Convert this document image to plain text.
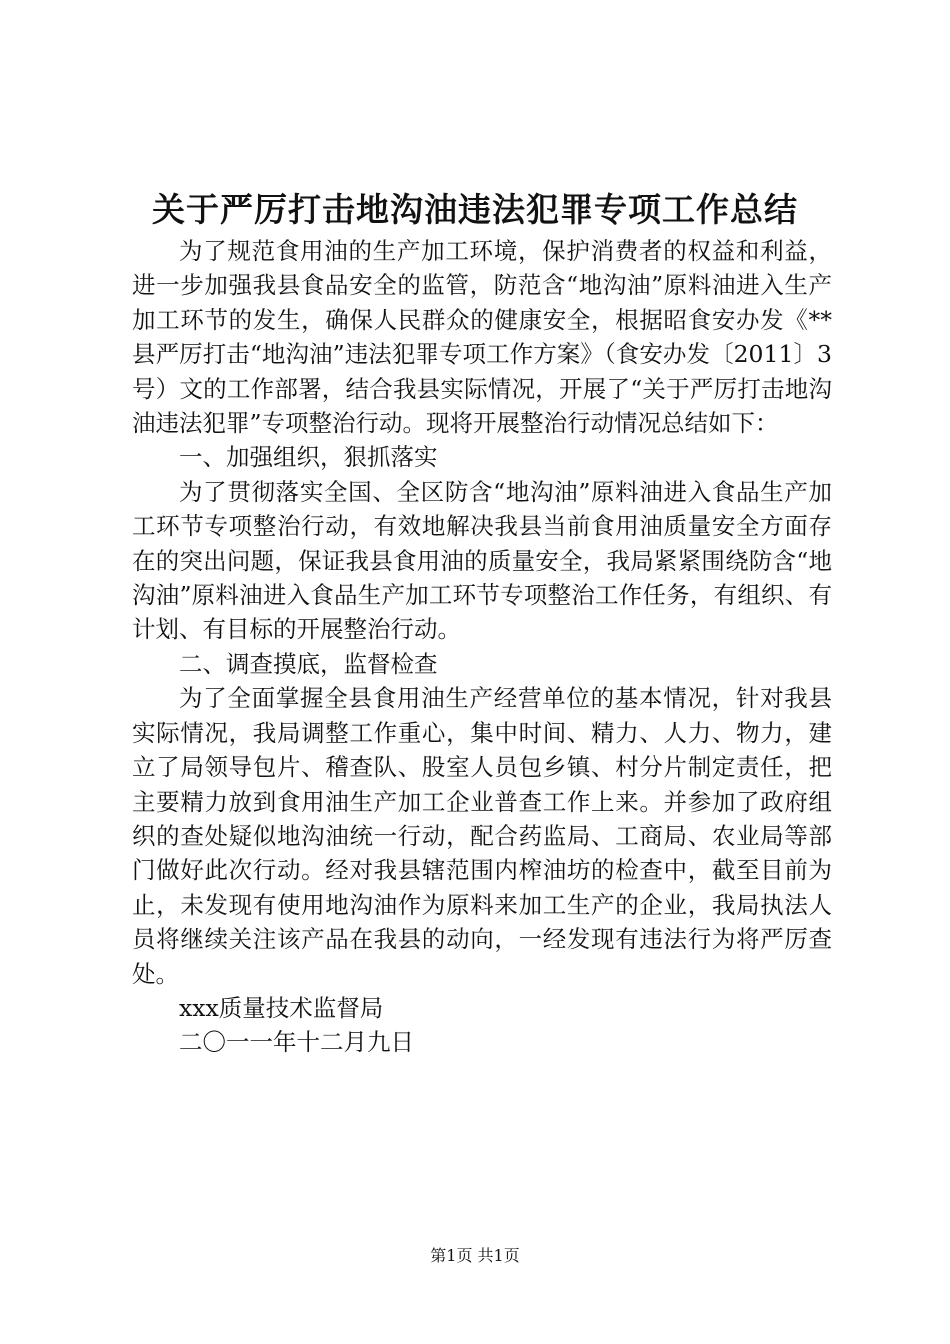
关于严厉打击地沟油违法犯罪专项工作总结

为了规范食用油的生产加工环境，保护消费者的权益和利益，进一步加强我县食品安全的监管，防范含“地沟油”原料油进入生产加工环节的发生，确保人民群众的健康安全，根据昭食安办发《**县严厉打击“地沟油”违法犯罪专项工作方案》（食安办发〔2011〕3号）文的工作部署，结合我县实际情况，开展了“关于严厉打击地沟油违法犯罪”专项整治行动。现将开展整治行动情况总结如下：

一、加强组织，狠抓落实

为了贯彻落实全国、全区防含“地沟油”原料油进入食品生产加工环节专项整治行动，有效地解决我县当前食用油质量安全方面存在的突出问题，保证我县食用油的质量安全，我局紧紧围绕防含“地沟油”原料油进入食品生产加工环节专项整治工作任务，有组织、有计划、有目标的开展整治行动。

二、调查摸底，监督检查

为了全面掌握全县食用油生产经营单位的基本情况，针对我县实际情况，我局调整工作重心，集中时间、精力、人力、物力，建立了局领导包片、稽查队、股室人员包乡镇、村分片制定责任，把主要精力放到食用油生产加工企业普查工作上来。并参加了政府组织的查处疑似地沟油统一行动，配合药监局、工商局、农业局等部门做好此次行动。经对我县辖范围内榨油坊的检查中，截至目前为止，未发现有使用地沟油作为原料来加工生产的企业，我局执法人员将继续关注该产品在我县的动向，一经发现有违法行为将严厉查处。

xxx质量技术监督局

二〇一一年十二月九日

第1页 共1页
